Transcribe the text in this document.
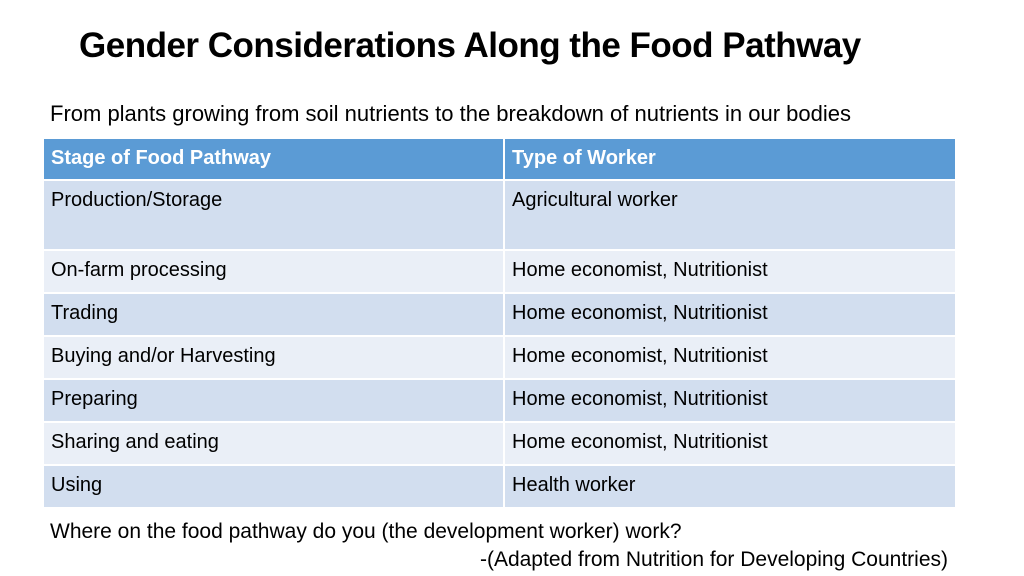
Gender Considerations Along the Food Pathway
From plants growing from soil nutrients to the breakdown of nutrients in our bodies
Stage of Food Pathway	Type of Worker
Production/Storage	Agricultural worker
On-farm processing	Home economist, Nutritionist
Trading	Home economist, Nutritionist
Buying and/or Harvesting	Home economist, Nutritionist
Preparing	Home economist, Nutritionist
Sharing and eating	Home economist, Nutritionist
Using	Health worker
Where on the food pathway do you (the development worker) work?
-(Adapted from Nutrition for Developing Countries)
